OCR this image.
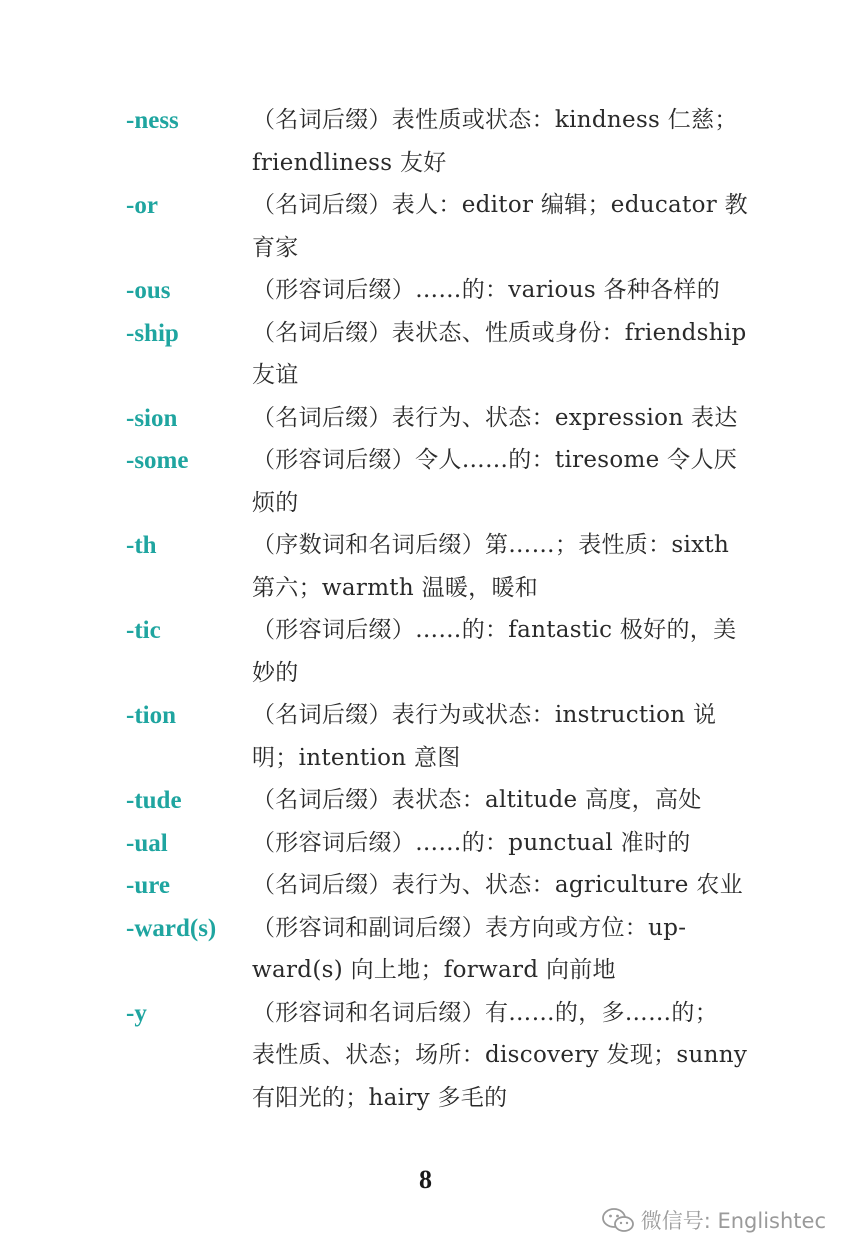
-ness	（名词后缀）表性质或状态：kindness 仁慈；
friendliness 友好
-or	（名词后缀）表人：editor 编辑；educator 教
育家
-ous	（形容词后缀）……的：various 各种各样的
-ship	（名词后缀）表状态、性质或身份：friendship
友谊
-sion	（名词后缀）表行为、状态：expression 表达
-some	（形容词后缀）令人……的：tiresome 令人厌
烦的
-th	（序数词和名词后缀）第……；表性质：sixth
第六；warmth 温暖，暖和
-tic	（形容词后缀）……的：fantastic 极好的，美
妙的
-tion	（名词后缀）表行为或状态：instruction 说
明；intention 意图
-tude	（名词后缀）表状态：altitude 高度，高处
-ual	（形容词后缀）……的：punctual 准时的
-ure	（名词后缀）表行为、状态：agriculture 农业
-ward(s) （形容词和副词后缀）表方向或方位：up-
ward(s) 向上地；forward 向前地
-y	（形容词和名词后缀）有……的，多……的；
表性质、状态；场所：discovery 发现；sunny
有阳光的；hairy 多毛的
8
微信号: Englishtec
